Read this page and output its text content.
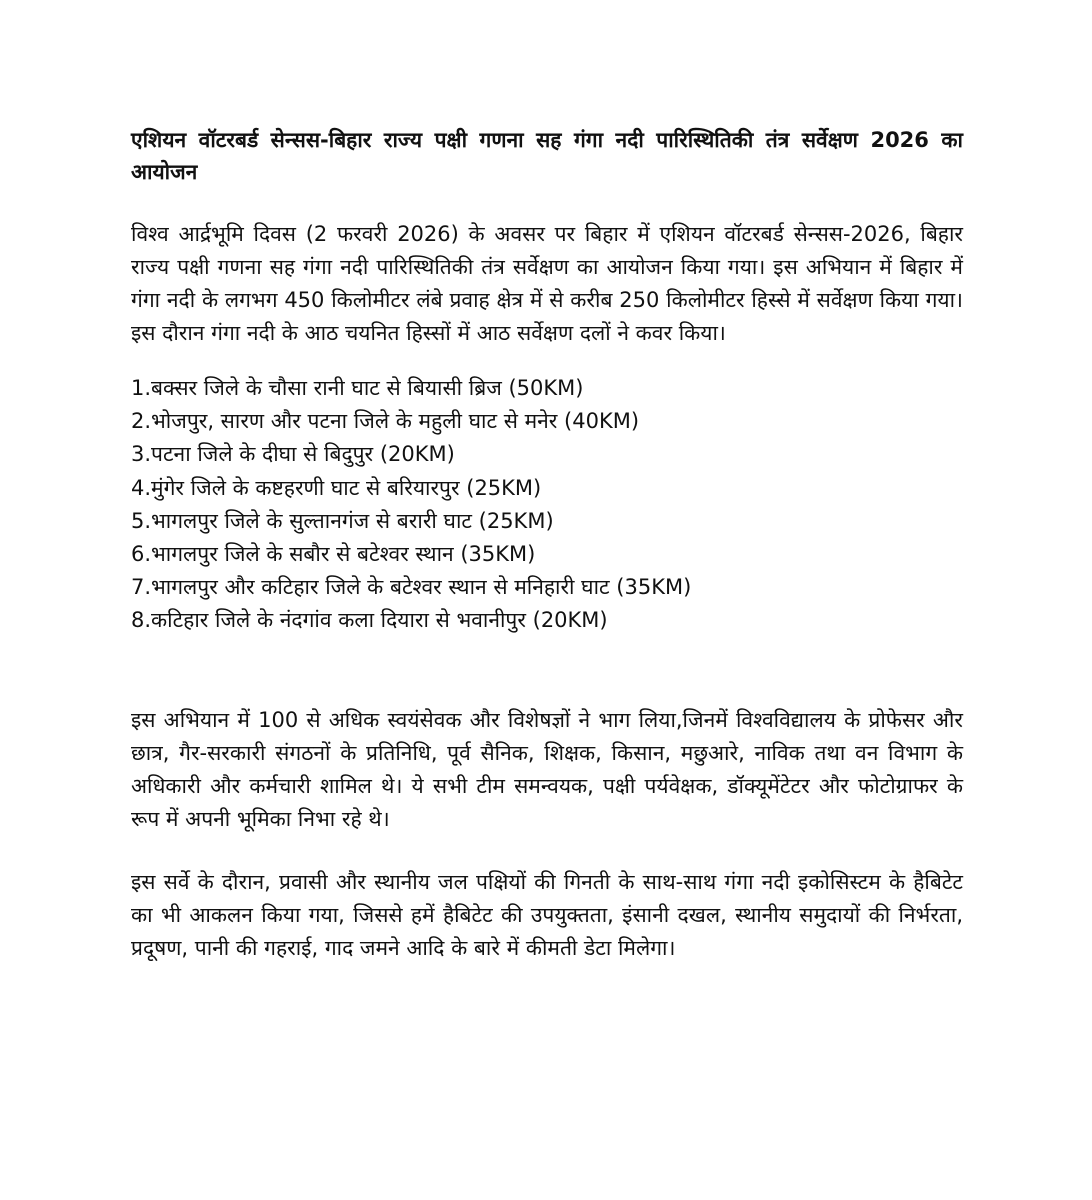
एशियन वॉटरबर्ड सेन्सस-बिहार राज्य पक्षी गणना सह गंगा नदी पारिस्थितिकी तंत्र सर्वेक्षण 2026 का आयोजन

विश्व आर्द्रभूमि दिवस (2 फरवरी 2026) के अवसर पर बिहार में एशियन वॉटरबर्ड सेन्सस-2026, बिहार राज्य पक्षी गणना सह गंगा नदी पारिस्थितिकी तंत्र सर्वेक्षण का आयोजन किया गया। इस अभियान में बिहार में गंगा नदी के लगभग 450 किलोमीटर लंबे प्रवाह क्षेत्र में से करीब 250 किलोमीटर हिस्से में सर्वेक्षण किया गया। इस दौरान गंगा नदी के आठ चयनित हिस्सों में आठ सर्वेक्षण दलों ने कवर किया।

1.बक्सर जिले के चौसा रानी घाट से बियासी ब्रिज (50KM)
2.भोजपुर, सारण और पटना जिले के महुली घाट से मनेर (40KM)
3.पटना जिले के दीघा से बिदुपुर (20KM)
4.मुंगेर जिले के कष्टहरणी घाट से बरियारपुर (25KM)
5.भागलपुर जिले के सुल्तानगंज से बरारी घाट (25KM)
6.भागलपुर जिले के सबौर से बटेश्वर स्थान (35KM)
7.भागलपुर और कटिहार जिले के बटेश्वर स्थान से मनिहारी घाट (35KM)
8.कटिहार जिले के नंदगांव कला दियारा से भवानीपुर (20KM)

इस अभियान में 100 से अधिक स्वयंसेवक और विशेषज्ञों ने भाग लिया,जिनमें विश्वविद्यालय के प्रोफेसर और छात्र, गैर-सरकारी संगठनों के प्रतिनिधि, पूर्व सैनिक, शिक्षक, किसान, मछुआरे, नाविक तथा वन विभाग के अधिकारी और कर्मचारी शामिल थे। ये सभी टीम समन्वयक, पक्षी पर्यवेक्षक, डॉक्यूमेंटेटर और फोटोग्राफर के रूप में अपनी भूमिका निभा रहे थे।

इस सर्वे के दौरान, प्रवासी और स्थानीय जल पक्षियों की गिनती के साथ-साथ गंगा नदी इकोसिस्टम के हैबिटेट का भी आकलन किया गया, जिससे हमें हैबिटेट की उपयुक्तता, इंसानी दखल, स्थानीय समुदायों की निर्भरता, प्रदूषण, पानी की गहराई, गाद जमने आदि के बारे में कीमती डेटा मिलेगा।
